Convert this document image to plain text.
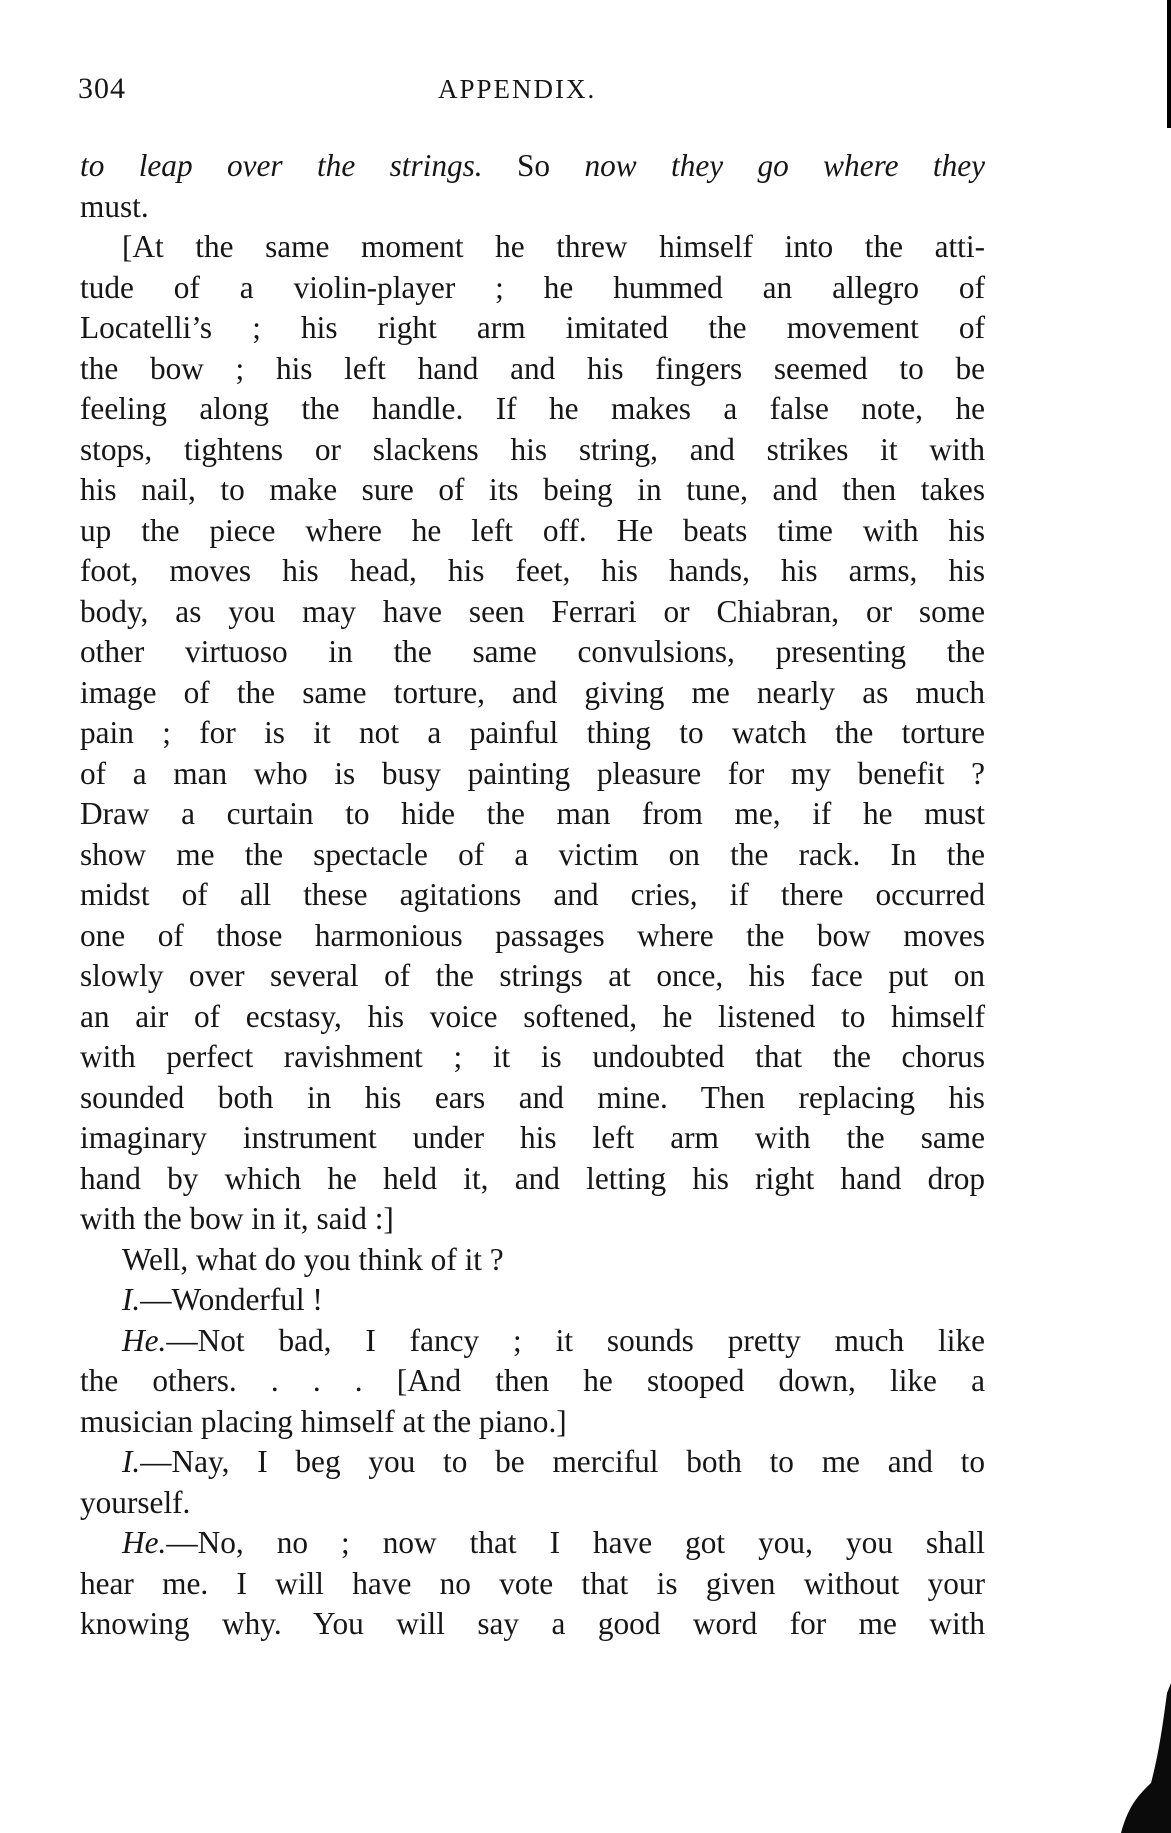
304	APPENDIX.
to leap over the strings. So now they go where they
must.
[At the same moment he threw himself into the atti-
tude of a violin-player ; he hummed an allegro of
Locatelli’s ; his right arm imitated the movement of
the bow ; his left hand and his fingers seemed to be
feeling along the handle. If he makes a false note, he
stops, tightens or slackens his string, and strikes it with
his nail, to make sure of its being in tune, and then takes
up the piece where he left off. He beats time with his
foot, moves his head, his feet, his hands, his arms, his
body, as you may have seen Ferrari or Chiabran, or some
other virtuoso in the same convulsions, presenting the
image of the same torture, and giving me nearly as much
pain ; for is it not a painful thing to watch the torture
of a man who is busy painting pleasure for my benefit ?
Draw a curtain to hide the man from me, if he must
show me the spectacle of a victim on the rack. In the
midst of all these agitations and cries, if there occurred
one of those harmonious passages where the bow moves
slowly over several of the strings at once, his face put on
an air of ecstasy, his voice softened, he listened to himself
with perfect ravishment ; it is undoubted that the chorus
sounded both in his ears and mine. Then replacing his
imaginary instrument under his left arm with the same
hand by which he held it, and letting his right hand drop
with the bow in it, said :]
Well, what do you think of it ?
I.—Wonderful !
He.—Not bad, I fancy ; it sounds pretty much like
the others. . . . [And then he stooped down, like a
musician placing himself at the piano.]
I.—Nay, I beg you to be merciful both to me and to
yourself.
He.—No, no ; now that I have got you, you shall
hear me. I will have no vote that is given without your
knowing why. You will say a good word for me with
